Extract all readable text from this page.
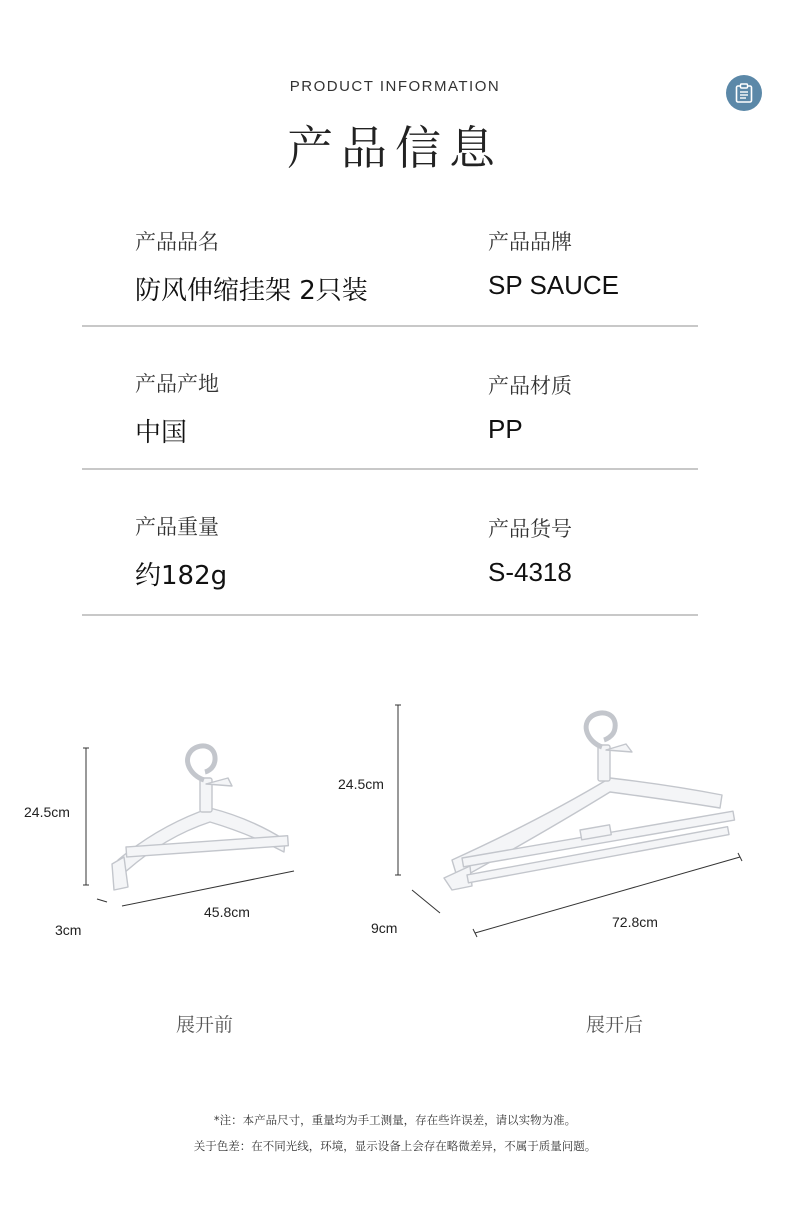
PRODUCT INFORMATION
产品信息
产品品名
防风伸缩挂架 2只装
产品品牌
SP SAUCE
产品产地
中国
产品材质
PP
产品重量
约182g
产品货号
S-4318
24.5cm
45.8cm
3cm
24.5cm
72.8cm
9cm
展开前	展开后
*注：本产品尺寸，重量均为手工测量，存在些许误差，请以实物为准。
关于色差：在不同光线，环境，显示设备上会存在略微差异，不属于质量问题。
